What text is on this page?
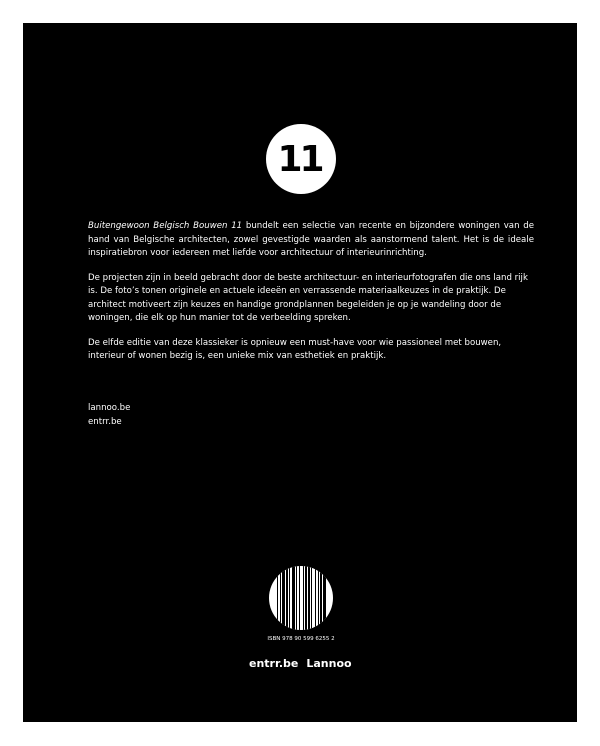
11

Buitengewoon Belgisch Bouwen 11 bundelt een selectie van recente en bijzondere woningen van de hand van Belgische architecten, zowel gevestigde waarden als aanstormend talent. Het is de ideale inspiratiebron voor iedereen met liefde voor architectuur of interieurinrichting.

De projecten zijn in beeld gebracht door de beste architectuur- en interieurfotografen die ons land rijk is. De foto’s tonen originele en actuele ideeën en verrassende materiaalkeuzes in de praktijk. De architect motiveert zijn keuzes en handige grondplannen begeleiden je op je wandeling door de woningen, die elk op hun manier tot de verbeelding spreken.

De elfde editie van deze klassieker is opnieuw een must-have voor wie passioneel met bouwen, interieur of wonen bezig is, een unieke mix van esthetiek en praktijk.

lannoo.be
entrr.be
ISBN 978 90 599 6255 2
entrr.be Lannoo
